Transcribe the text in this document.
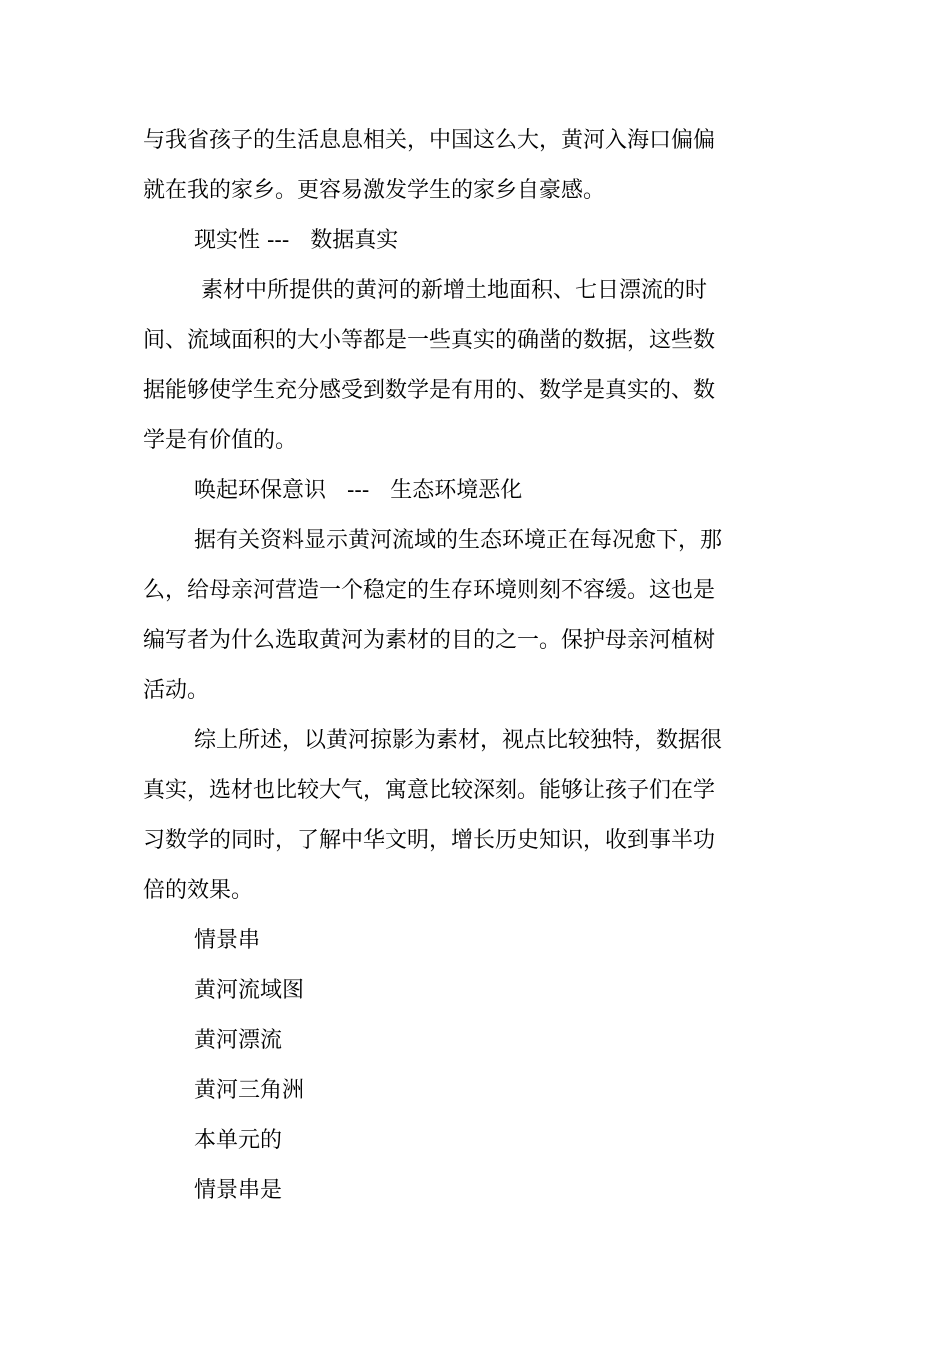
与我省孩子的生活息息相关，中国这么大，黄河入海口偏偏
就在我的家乡。更容易激发学生的家乡自豪感。
现实性 ---   数据真实
素材中所提供的黄河的新增土地面积、七日漂流的时
间、流域面积的大小等都是一些真实的确凿的数据，这些数
据能够使学生充分感受到数学是有用的、数学是真实的、数
学是有价值的。
唤起环保意识   ---   生态环境恶化
据有关资料显示黄河流域的生态环境正在每况愈下，那
么，给母亲河营造一个稳定的生存环境则刻不容缓。这也是
编写者为什么选取黄河为素材的目的之一。保护母亲河植树
活动。
综上所述，以黄河掠影为素材，视点比较独特，数据很
真实，选材也比较大气，寓意比较深刻。能够让孩子们在学
习数学的同时，了解中华文明，增长历史知识，收到事半功
倍的效果。
情景串
黄河流域图
黄河漂流
黄河三角洲
本单元的
情景串是
